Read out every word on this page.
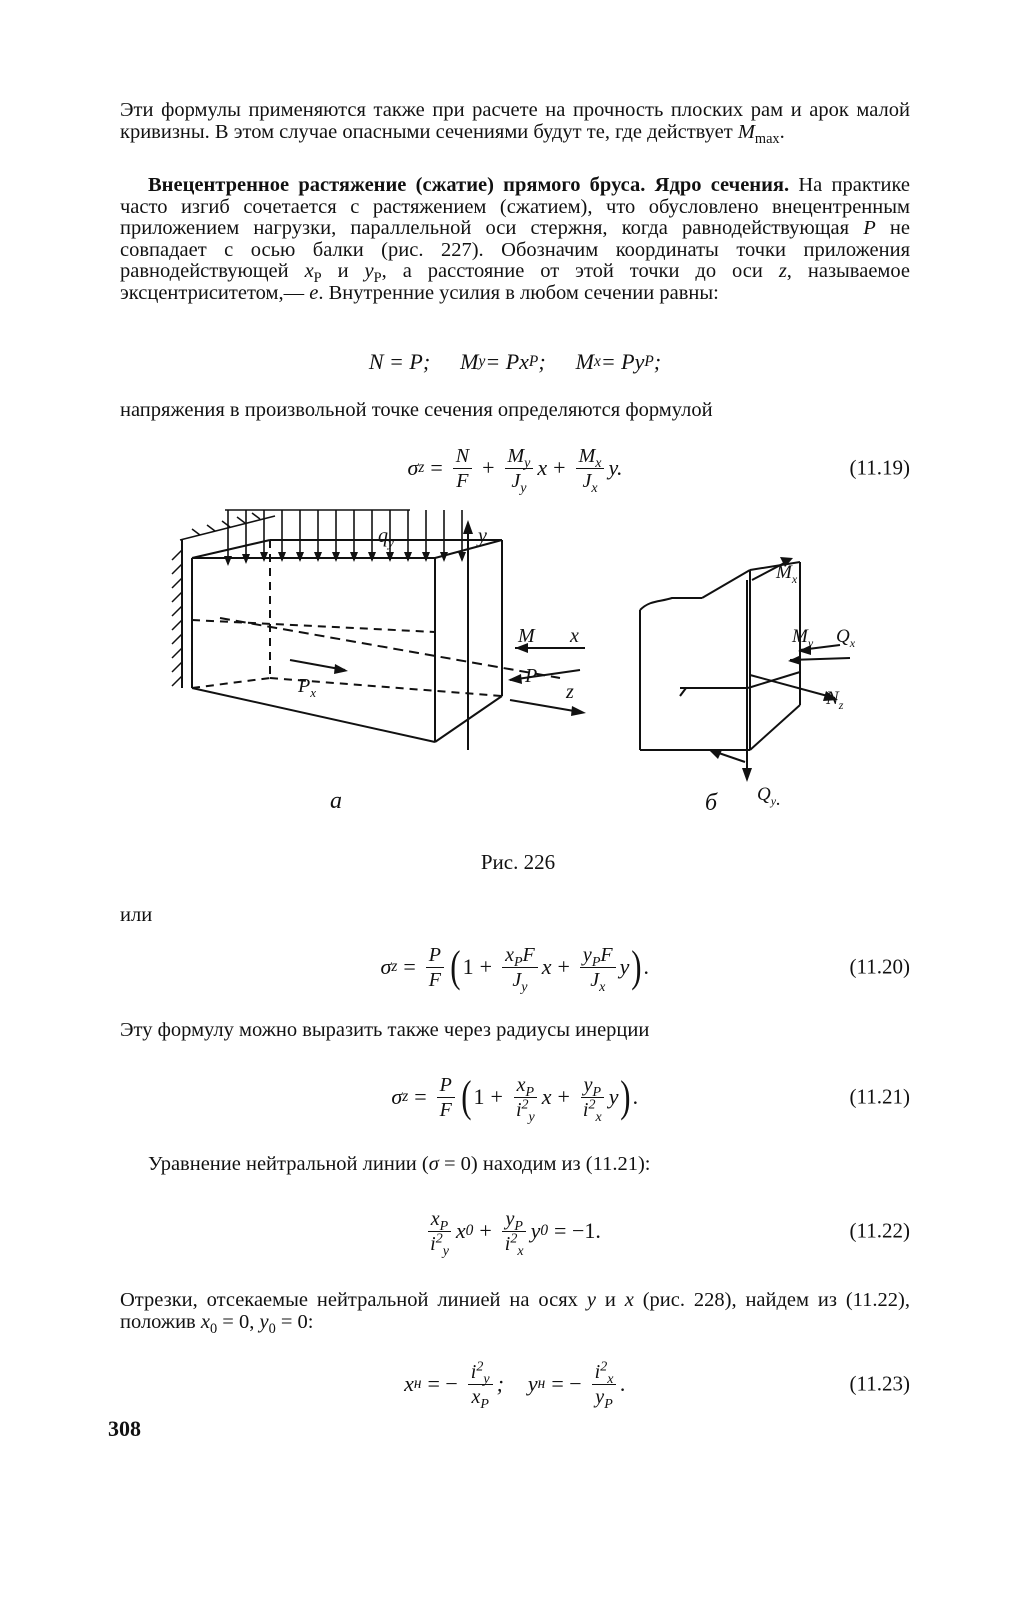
Эти формулы применяются также при расчете на прочность плоских рам и арок малой кривизны. В этом случае опасными сечениями будут те, где действует $M_{max}$.

Внецентренное растяжение (сжатие) прямого бруса. Ядро сечения. На практике часто изгиб сочетается с растяжением (сжатием), что обусловлено внецентренным приложением нагрузки, параллельной оси стержня, когда равнодействующая P не совпадает с осью балки (рис. 227). Обозначим координаты точки приложения равнодействующей $x_P$ и $y_P$, а расстояние от этой точки до оси z, называемое эксцентриситетом,— e. Внутренние усилия в любом сечении равны:

N = P; M y = Px P ; M x = Py P ;

напряжения в произвольной точке сечения определяются формулой

σ $z = \frac{N}{F} + \frac{M_y}{J_y}$ $x + \frac{M_x}{J_x} y$.	(11.19)
$q_y$	y
M x
P
z
$P_x$
а
$M_x$
$M_y$ $Q_x$
$N_z$
$Q_y$.
б
Рис. 226

или

σ $z = \frac{P}{F}$ ( $1 + \frac{x_PF}{J_y}$ $x + \frac{y_PF}{J_x}$ y ) .	(11.20)

Эту формулу можно выразить также через радиусы инерции

σ $z = \frac{P}{F}$ ( $1 + \frac{x_P}{i^2_y}$ $x + \frac{y_P}{i^2_x}$ y ) .	(11.21)

Уравнение нейтральной линии (σ = 0) находим из (11.21):

$\frac{x_P}{i^2_y}$ x $0 + \frac{y_P}{i^2_x}$ y 0 = −1.	(11.22)

Отрезки, отсекаемые нейтральной линией на осях y и x (рис. 228), найдем из (11.22), положив $x_0 = 0$, $y_0 = 0$:

x н = − $\frac{i^2_y}{x_P}$ ; y н = − $\frac{i^2_x}{y_P}$ .	(11.23)
308
